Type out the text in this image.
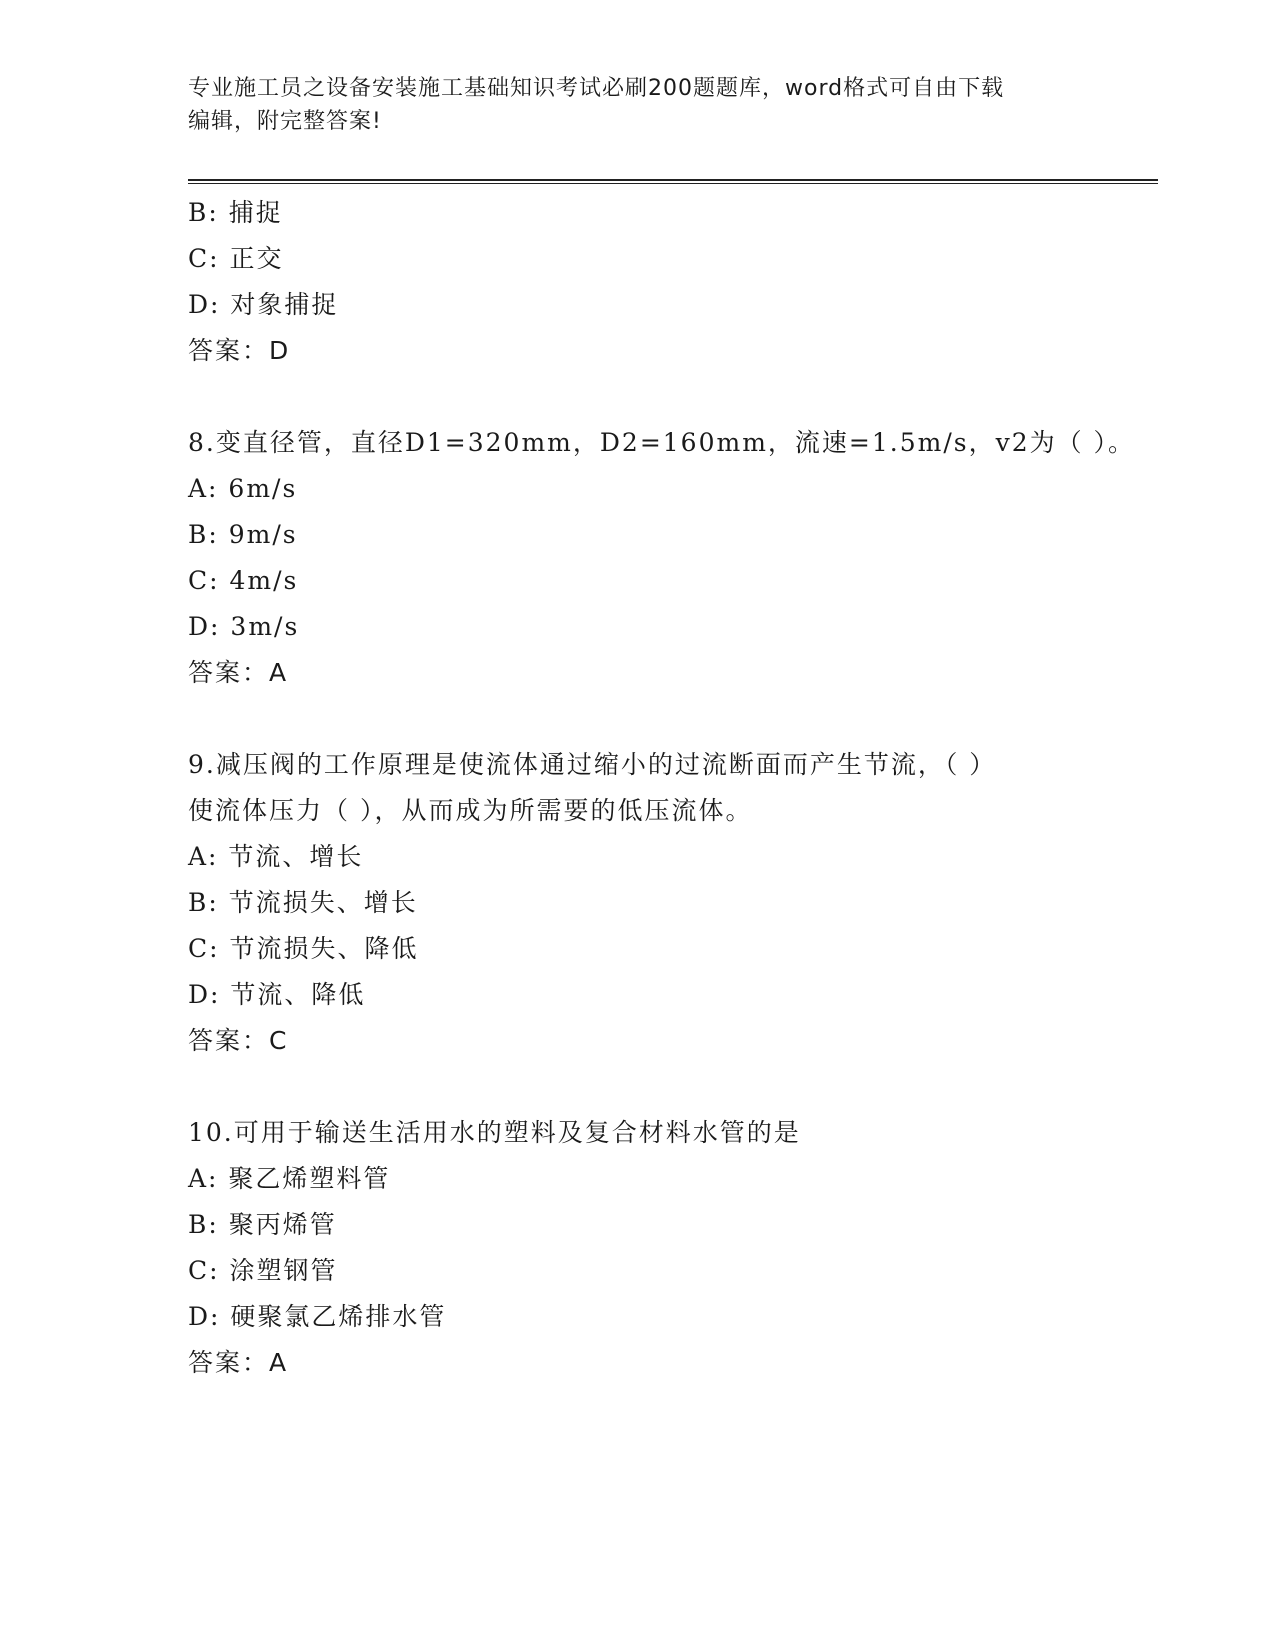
专业施工员之设备安装施工基础知识考试必刷200题题库，word格式可自由下载
编辑，附完整答案!
B: 捕捉
C: 正交
D: 对象捕捉
答案：D
8.变直径管，直径D1=320mm，D2=160mm，流速=1.5m/s，v2为（ ）。
A: 6m/s
B: 9m/s
C: 4m/s
D: 3m/s
答案：A
9.减压阀的工作原理是使流体通过缩小的过流断面而产生节流，（ ）
使流体压力（ ），从而成为所需要的低压流体。
A: 节流、增长
B: 节流损失、增长
C: 节流损失、降低
D: 节流、降低
答案：C
10.可用于输送生活用水的塑料及复合材料水管的是
A: 聚乙烯塑料管
B: 聚丙烯管
C: 涂塑钢管
D: 硬聚氯乙烯排水管
答案：A
